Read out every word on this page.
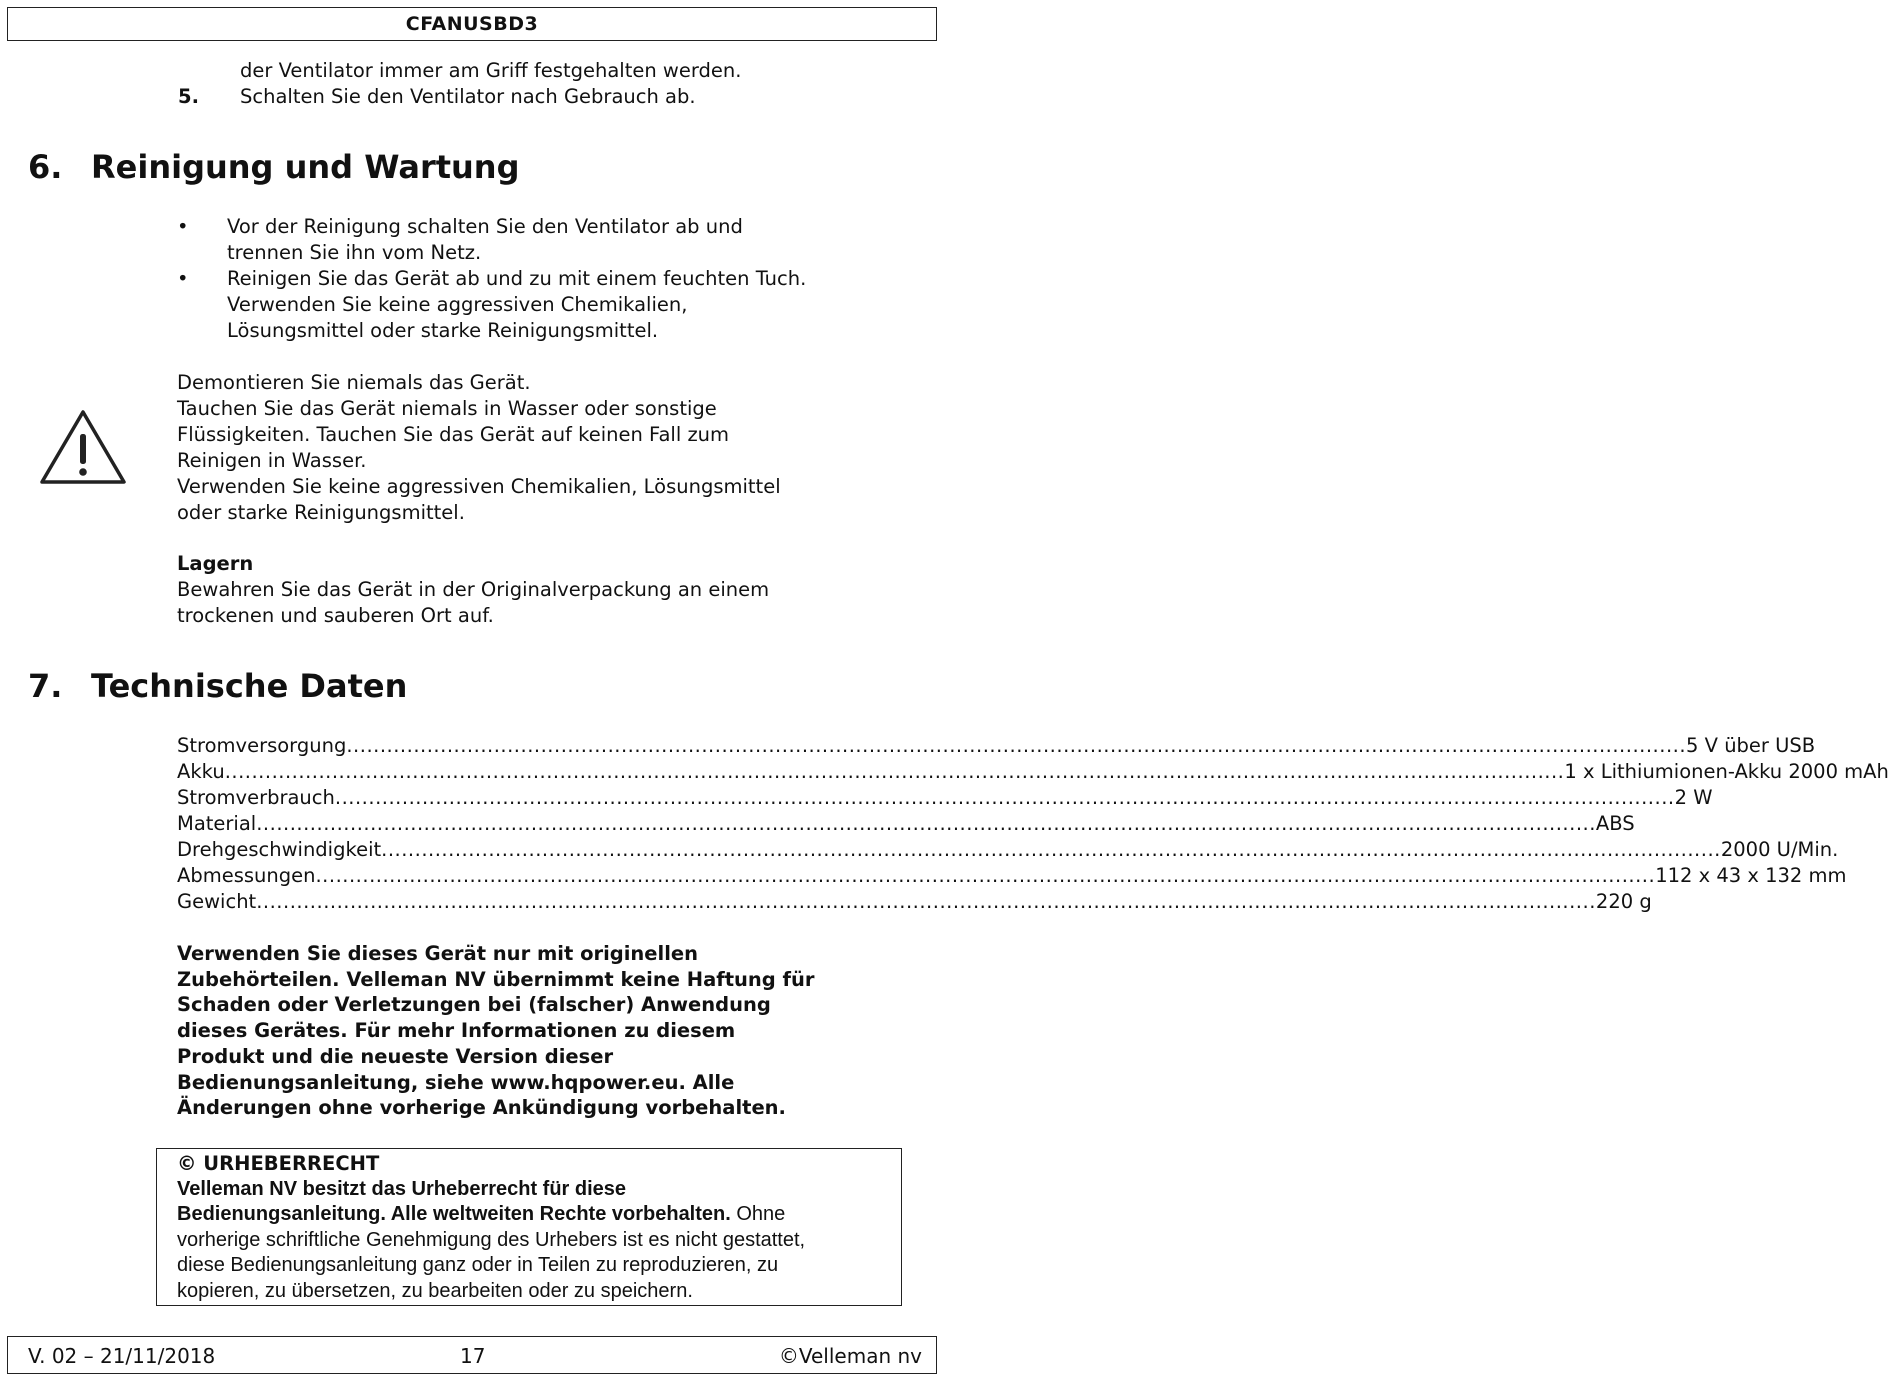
CFANUSBD3
der Ventilator immer am Griff festgehalten werden.
5. Schalten Sie den Ventilator nach Gebrauch ab.
6. Reinigung und Wartung
• Vor der Reinigung schalten Sie den Ventilator ab und
trennen Sie ihn vom Netz.
• Reinigen Sie das Gerät ab und zu mit einem feuchten Tuch.
Verwenden Sie keine aggressiven Chemikalien,
Lösungsmittel oder starke Reinigungsmittel.
Demontieren Sie niemals das Gerät.
Tauchen Sie das Gerät niemals in Wasser oder sonstige
Flüssigkeiten. Tauchen Sie das Gerät auf keinen Fall zum
Reinigen in Wasser.
Verwenden Sie keine aggressiven Chemikalien, Lösungsmittel
oder starke Reinigungsmittel.
Lagern
Bewahren Sie das Gerät in der Originalverpackung an einem
trockenen und sauberen Ort auf.
7. Technische Daten
Stromversorgung ........................................................................................................................................................................................................ 5 V über USB
Akku ........................................................................................................................................................................................................ 1 x Lithiumionen-Akku 2000 mAh
Stromverbrauch ........................................................................................................................................................................................................ 2 W
Material ........................................................................................................................................................................................................ ABS
Drehgeschwindigkeit ........................................................................................................................................................................................................ 2000 U/Min.
Abmessungen ........................................................................................................................................................................................................ 112 x 43 x 132 mm
Gewicht ........................................................................................................................................................................................................ 220 g
Verwenden Sie dieses Gerät nur mit originellen
Zubehörteilen. Velleman NV übernimmt keine Haftung für
Schaden oder Verletzungen bei (falscher) Anwendung
dieses Gerätes. Für mehr Informationen zu diesem
Produkt und die neueste Version dieser
Bedienungsanleitung, siehe www.hqpower.eu. Alle
Änderungen ohne vorherige Ankündigung vorbehalten.
© URHEBERRECHT
Velleman NV besitzt das Urheberrecht für diese
Bedienungsanleitung. Alle weltweiten Rechte vorbehalten. Ohne
vorherige schriftliche Genehmigung des Urhebers ist es nicht gestattet,
diese Bedienungsanleitung ganz oder in Teilen zu reproduzieren, zu
kopieren, zu übersetzen, zu bearbeiten oder zu speichern.
V. 02 – 21/11/2018	17	©Velleman nv
